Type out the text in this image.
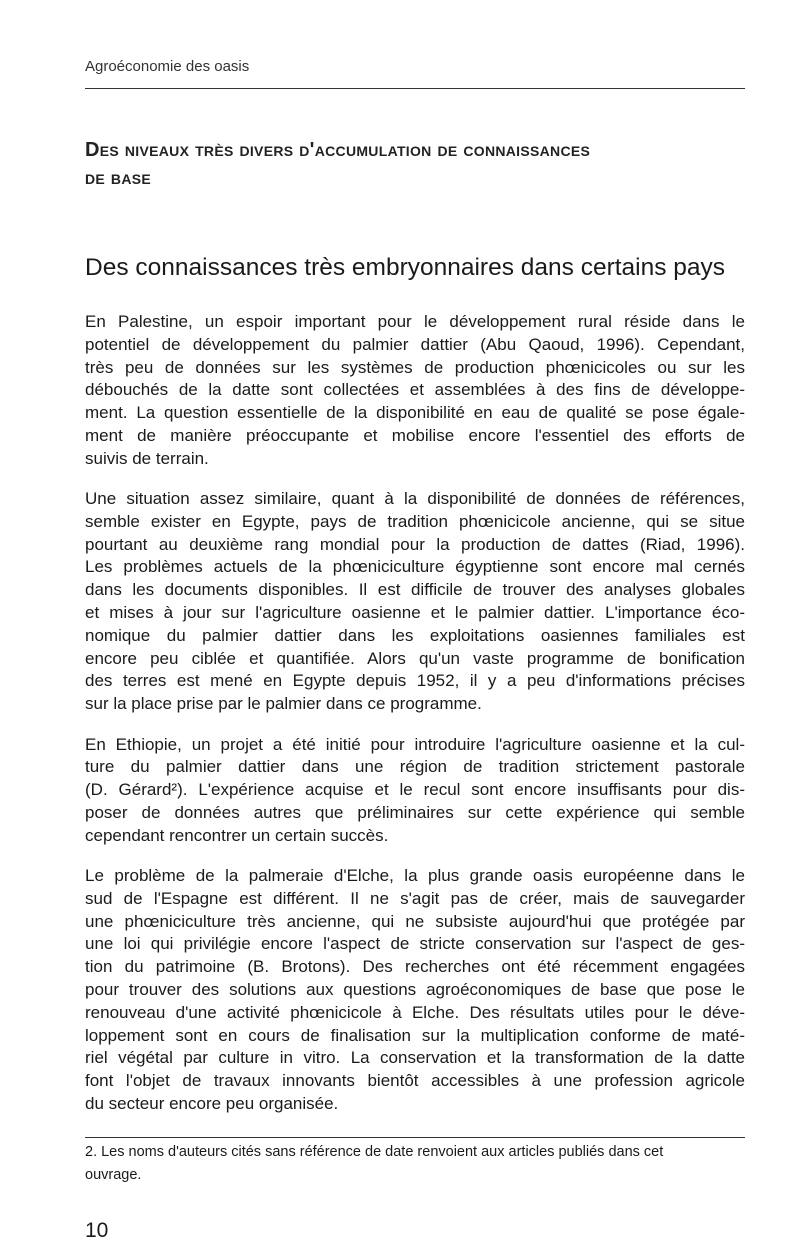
Agroéconomie des oasis
Des niveaux très divers d'accumulation de connaissances
de base
Des connaissances très embryonnaires dans certains pays
En Palestine, un espoir important pour le développement rural réside dans le
potentiel de développement du palmier dattier (Abu Qaoud, 1996). Cependant,
très peu de données sur les systèmes de production phœnicicoles ou sur les
débouchés de la datte sont collectées et assemblées à des fins de développe-
ment. La question essentielle de la disponibilité en eau de qualité se pose égale-
ment de manière préoccupante et mobilise encore l'essentiel des efforts de
suivis de terrain.
Une situation assez similaire, quant à la disponibilité de données de références,
semble exister en Egypte, pays de tradition phœnicicole ancienne, qui se situe
pourtant au deuxième rang mondial pour la production de dattes (Riad, 1996).
Les problèmes actuels de la phœniciculture égyptienne sont encore mal cernés
dans les documents disponibles. Il est difficile de trouver des analyses globales
et mises à jour sur l'agriculture oasienne et le palmier dattier. L'importance éco-
nomique du palmier dattier dans les exploitations oasiennes familiales est
encore peu ciblée et quantifiée. Alors qu'un vaste programme de bonification
des terres est mené en Egypte depuis 1952, il y a peu d'informations précises
sur la place prise par le palmier dans ce programme.
En Ethiopie, un projet a été initié pour introduire l'agriculture oasienne et la cul-
ture du palmier dattier dans une région de tradition strictement pastorale
(D. Gérard²). L'expérience acquise et le recul sont encore insuffisants pour dis-
poser de données autres que préliminaires sur cette expérience qui semble
cependant rencontrer un certain succès.
Le problème de la palmeraie d'Elche, la plus grande oasis européenne dans le
sud de l'Espagne est différent. Il ne s'agit pas de créer, mais de sauvegarder
une phœniciculture très ancienne, qui ne subsiste aujourd'hui que protégée par
une loi qui privilégie encore l'aspect de stricte conservation sur l'aspect de ges-
tion du patrimoine (B. Brotons). Des recherches ont été récemment engagées
pour trouver des solutions aux questions agroéconomiques de base que pose le
renouveau d'une activité phœnicicole à Elche. Des résultats utiles pour le déve-
loppement sont en cours de finalisation sur la multiplication conforme de maté-
riel végétal par culture in vitro. La conservation et la transformation de la datte
font l'objet de travaux innovants bientôt accessibles à une profession agricole
du secteur encore peu organisée.
2. Les noms d'auteurs cités sans référence de date renvoient aux articles publiés dans cet
ouvrage.
10
